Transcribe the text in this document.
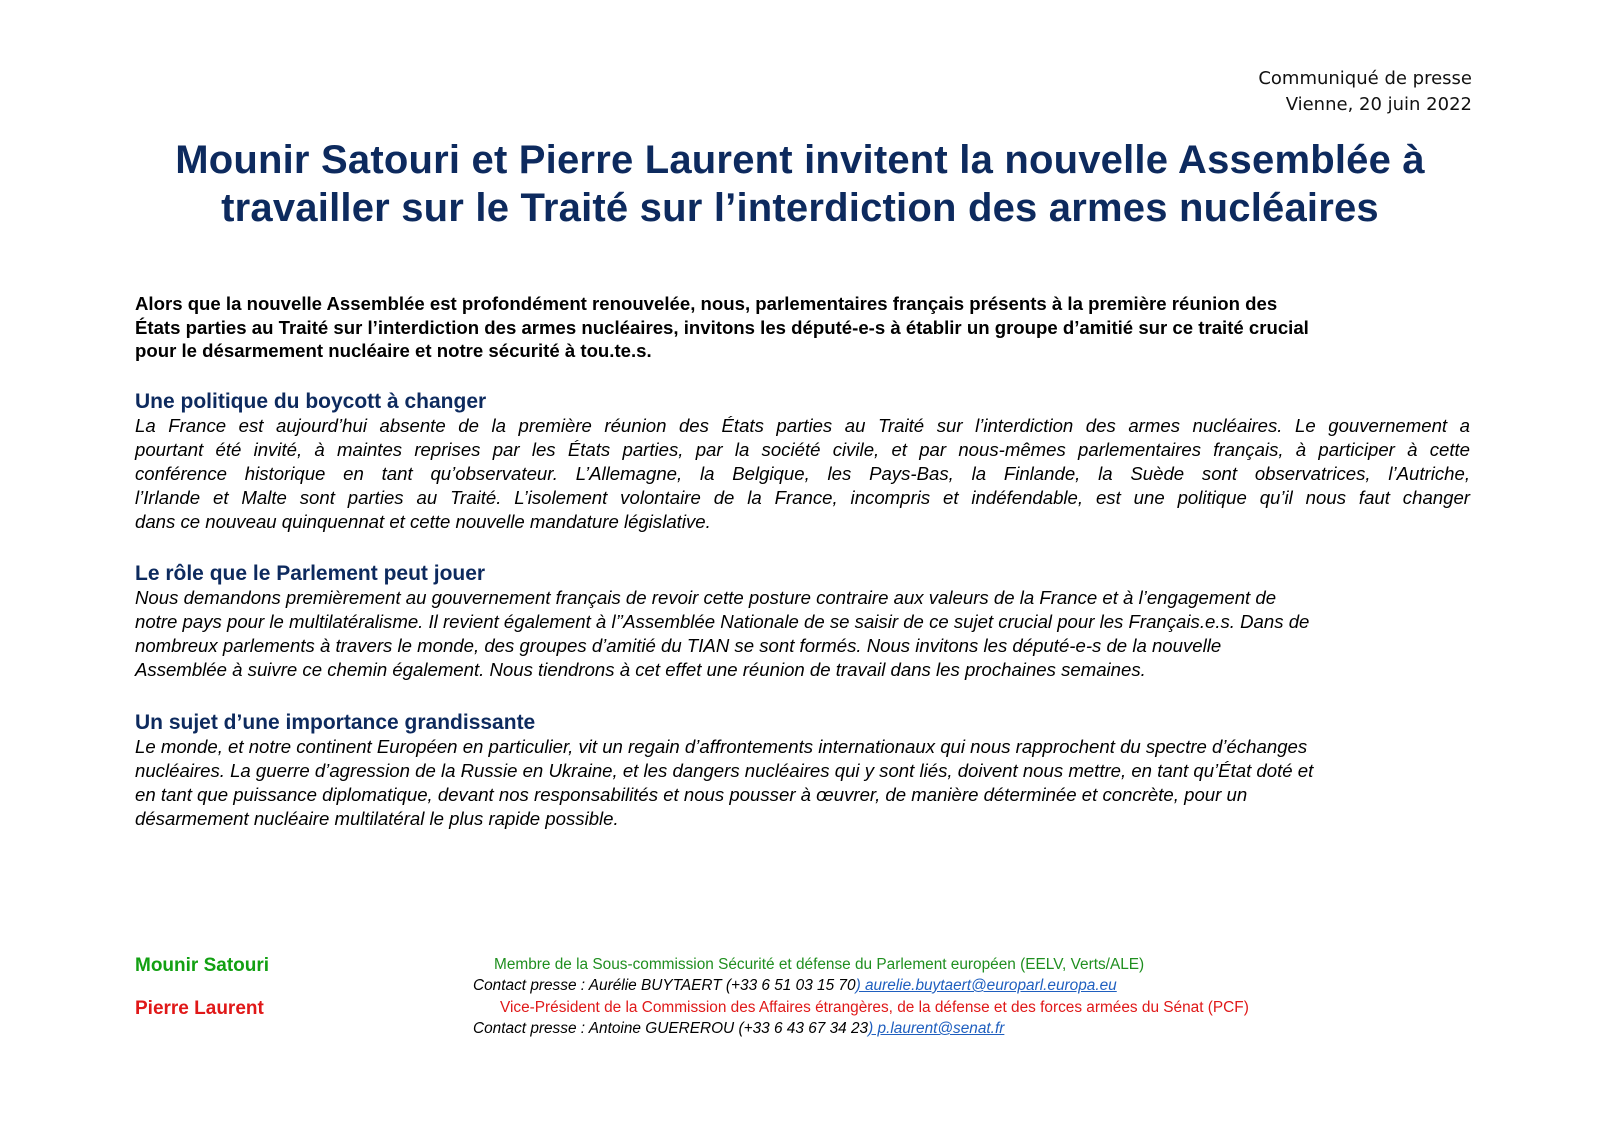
Communiqué de presse
Vienne, 20 juin 2022
Mounir Satouri et Pierre Laurent invitent la nouvelle Assemblée à
travailler sur le Traité sur l’interdiction des armes nucléaires
Alors que la nouvelle Assemblée est profondément renouvelée, nous, parlementaires français présents à la première réunion des
États parties au Traité sur l’interdiction des armes nucléaires, invitons les député-e-s à établir un groupe d’amitié sur ce traité crucial
pour le désarmement nucléaire et notre sécurité à tou.te.s.
Une politique du boycott à changer
La France est aujourd’hui absente de la première réunion des États parties au Traité sur l’interdiction des armes nucléaires. Le gouvernement a
pourtant été invité, à maintes reprises par les États parties, par la société civile, et par nous-mêmes parlementaires français, à participer à cette
conférence historique en tant qu’observateur. L’Allemagne, la Belgique, les Pays-Bas, la Finlande, la Suède sont observatrices, l’Autriche,
l’Irlande et Malte sont parties au Traité. L’isolement volontaire de la France, incompris et indéfendable, est une politique qu’il nous faut changer
dans ce nouveau quinquennat et cette nouvelle mandature législative.
Le rôle que le Parlement peut jouer
Nous demandons premièrement au gouvernement français de revoir cette posture contraire aux valeurs de la France et à l’engagement de
notre pays pour le multilatéralisme. Il revient également à l’’Assemblée Nationale de se saisir de ce sujet crucial pour les Français.e.s. Dans de
nombreux parlements à travers le monde, des groupes d’amitié du TIAN se sont formés. Nous invitons les député-e-s de la nouvelle
Assemblée à suivre ce chemin également. Nous tiendrons à cet effet une réunion de travail dans les prochaines semaines.
Un sujet d’une importance grandissante
Le monde, et notre continent Européen en particulier, vit un regain d’affrontements internationaux qui nous rapprochent du spectre d’échanges
nucléaires. La guerre d’agression de la Russie en Ukraine, et les dangers nucléaires qui y sont liés, doivent nous mettre, en tant qu’État doté et
en tant que puissance diplomatique, devant nos responsabilités et nous pousser à œuvrer, de manière déterminée et concrète, pour un
désarmement nucléaire multilatéral le plus rapide possible.
Mounir Satouri	Membre de la Sous-commission Sécurité et défense du Parlement européen (EELV, Verts/ALE)
Contact presse : Aurélie BUYTAERT (+33 6 51 03 15 70) aurelie.buytaert@europarl.europa.eu
Pierre Laurent	Vice-Président de la Commission des Affaires étrangères, de la défense et des forces armées du Sénat (PCF)
Contact presse : Antoine GUEREROU (+33 6 43 67 34 23) p.laurent@senat.fr
